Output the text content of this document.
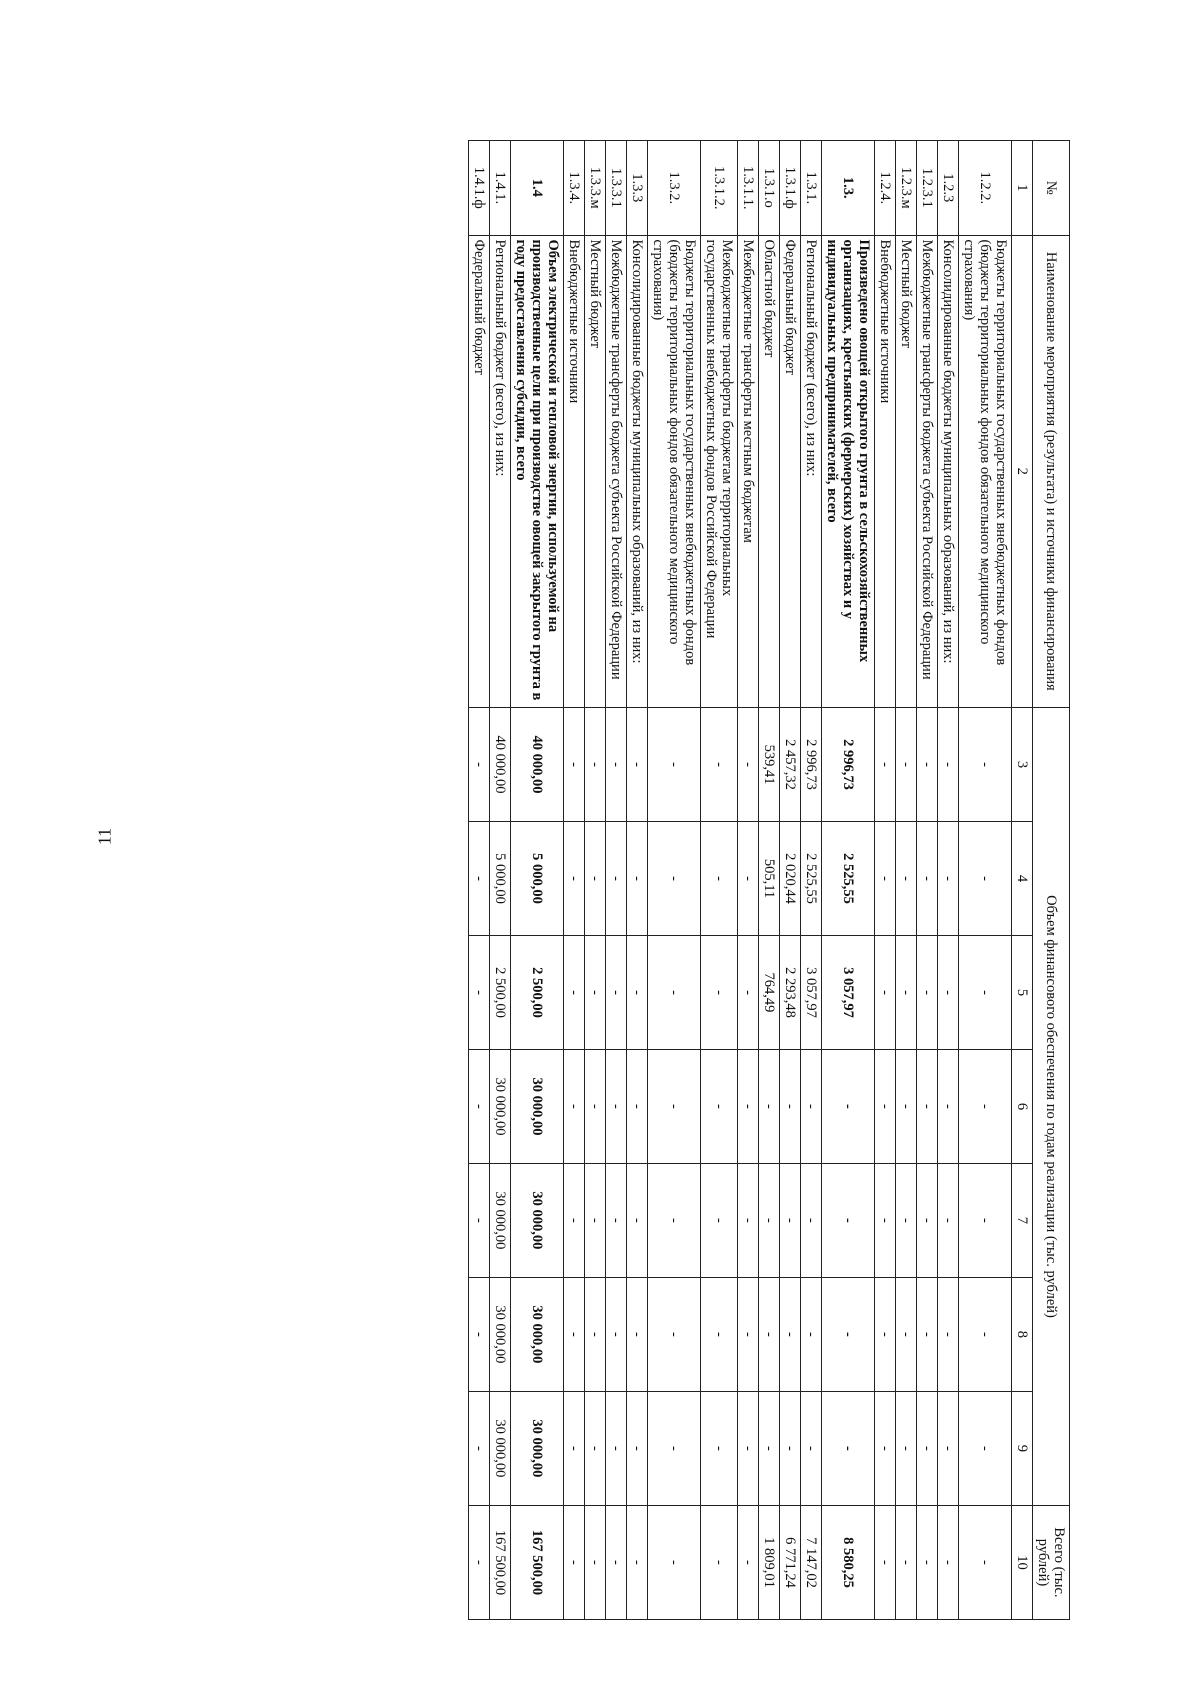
11
№	Наименование мероприятия (результата) и источники финансирования	Объем финансового обеспечения по годам реализации (тыс. рублей)							Всего (тыс. рублей)

1	2	3	4	5	6	7	8	9	10
1.2.2.	Бюджеты территориальных государственных внебюджетных фондов (бюджеты территориальных фондов обязательного медицинского страхования)	-	-	-	-	-	-	-	-
1.2.3	Консолидированные бюджеты муниципальных образований, из них:	-	-	-	-	-	-	-	-
1.2.3.1	Межбюджетные трансферты бюджета субъекта Российской Федерации	-	-	-	-	-	-	-	-
1.2.3.м	Местный бюджет	-	-	-	-	-	-	-	-
1.2.4.	Внебюджетные источники	-	-	-	-	-	-	-	-
1.3.	Произведено овощей открытого грунта в сельскохозяйственных организациях, крестьянских (фермерских) хозяйствах и у индивидуальных предпринимателей, всего	2 996,73	2 525,55	3 057,97	-	-	-	-	8 580,25
1.3.1.	Региональный бюджет (всего), из них:	2 996,73	2 525,55	3 057,97	-	-	-	-	7 147,02
1.3.1.ф	Федеральный бюджет	2 457,32	2 020,44	2 293,48	-	-	-	-	6 771,24
1.3.1.о	Областной бюджет	539,41	505,11	764,49	-	-	-	-	1 809,01
1.3.1.1.	Межбюджетные трансферты местным бюджетам	-	-	-	-	-	-	-	-
1.3.1.2.	Межбюджетные трансферты бюджетам территориальных государственных внебюджетных фондов Российской Федерации	-	-	-	-	-	-	-	-
1.3.2.	Бюджеты территориальных государственных внебюджетных фондов (бюджеты территориальных фондов обязательного медицинского страхования)	-	-	-	-	-	-	-	-
1.3.3	Консолидированные бюджеты муниципальных образований, из них:	-	-	-	-	-	-	-	-
1.3.3.1	Межбюджетные трансферты бюджета субъекта Российской Федерации	-	-	-	-	-	-	-	-
1.3.3.м	Местный бюджет	-	-	-	-	-	-	-	-
1.3.4.	Внебюджетные источники	-	-	-	-	-	-	-	-
1.4	Объем электрической и тепловой энергии, используемой на производственные цели при производстве овощей закрытого грунта в году предоставления субсидии, всего	40 000,00	5 000,00	2 500,00	30 000,00	30 000,00	30 000,00	30 000,00	167 500,00
1.4.1.	Региональный бюджет (всего), из них:	40 000,00	5 000,00	2 500,00	30 000,00	30 000,00	30 000,00	30 000,00	167 500,00
1.4.1.ф	Федеральный бюджет	-	-	-	-	-	-	-	-
